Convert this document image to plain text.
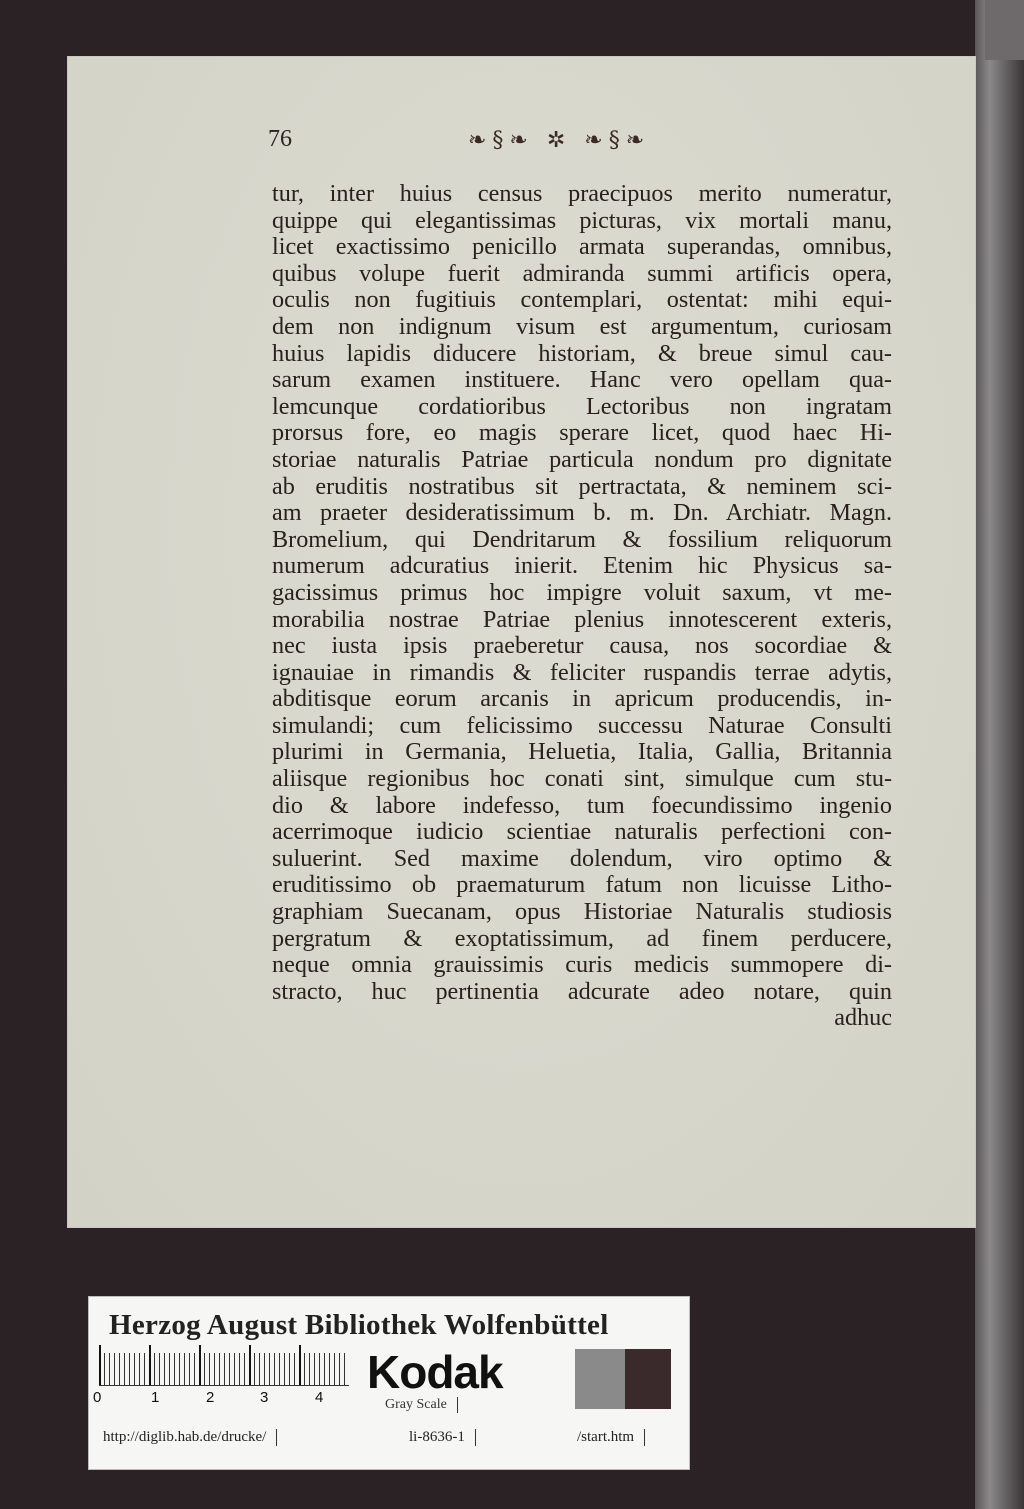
76	❧§❧ ✲ ❧§❧
tur, inter huius census praecipuos merito numeratur,
quippe qui elegantissimas picturas, vix mortali manu,
licet exactissimo penicillo armata superandas, omnibus,
quibus volupe fuerit admiranda summi artificis opera,
oculis non fugitiuis contemplari, ostentat: mihi equi-
dem non indignum visum est argumentum, curiosam
huius lapidis diducere historiam, & breue simul cau-
sarum examen instituere. Hanc vero opellam qua-
lemcunque cordatioribus Lectoribus non ingratam
prorsus fore, eo magis sperare licet, quod haec Hi-
storiae naturalis Patriae particula nondum pro dignitate
ab eruditis nostratibus sit pertractata, & neminem sci-
am praeter desideratissimum b. m. Dn. Archiatr. Magn.
Bromelium, qui Dendritarum & fossilium reliquorum
numerum adcuratius inierit. Etenim hic Physicus sa-
gacissimus primus hoc impigre voluit saxum, vt me-
morabilia nostrae Patriae plenius innotescerent exteris,
nec iusta ipsis praeberetur causa, nos socordiae &
ignauiae in rimandis & feliciter ruspandis terrae adytis,
abditisque eorum arcanis in apricum producendis, in-
simulandi; cum felicissimo successu Naturae Consulti
plurimi in Germania, Heluetia, Italia, Gallia, Britannia
aliisque regionibus hoc conati sint, simulque cum stu-
dio & labore indefesso, tum foecundissimo ingenio
acerrimoque iudicio scientiae naturalis perfectioni con-
suluerint. Sed maxime dolendum, viro optimo &
eruditissimo ob praematurum fatum non licuisse Litho-
graphiam Suecanam, opus Historiae Naturalis studiosis
pergratum & exoptatissimum, ad finem perducere,
neque omnia grauissimis curis medicis summopere di-
stracto, huc pertinentia adcurate adeo notare, quin
adhuc
Herzog August Bibliothek Wolfenbüttel
0	1	2	3	4 Kodak
Gray Scale
http://diglib.hab.de/drucke/	li-8636-1	/start.htm
